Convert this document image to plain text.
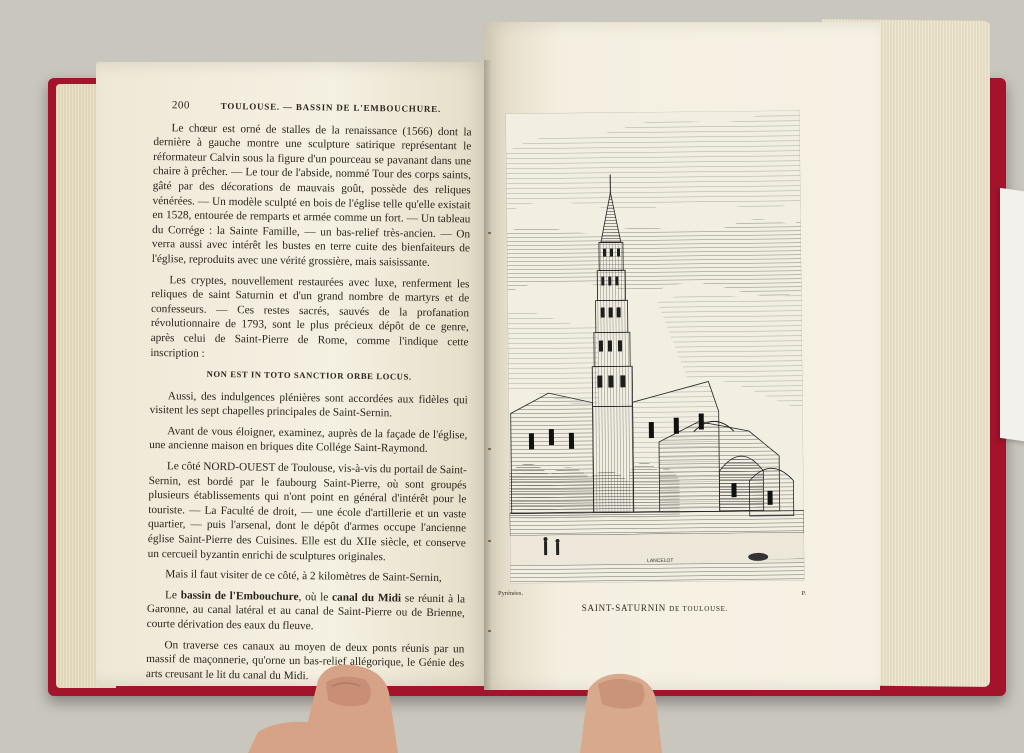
200	TOULOUSE. — BASSIN DE L'EMBOUCHURE.

Le chœur est orné de stalles de la renaissance (1566) dont la dernière à gauche montre une sculpture satirique représentant le réformateur Calvin sous la figure d'un pourceau se pavanant dans une chaire à prêcher. — Le tour de l'abside, nommé Tour des corps saints, gâté par des décorations de mauvais goût, possède des reliques vénérées. — Un modèle sculpté en bois de l'église telle qu'elle existait en 1528, entourée de remparts et armée comme un fort. — Un tableau du Corrége : la Sainte Famille, — un bas-relief très-ancien. — On verra aussi avec intérêt les bustes en terre cuite des bienfaiteurs de l'église, reproduits avec une vérité grossière, mais saisissante.

Les cryptes, nouvellement restaurées avec luxe, renferment les reliques de saint Saturnin et d'un grand nombre de martyrs et de confesseurs. — Ces restes sacrés, sauvés de la profanation révolutionnaire de 1793, sont le plus précieux dépôt de ce genre, après celui de Saint-Pierre de Rome, comme l'indique cette inscription :

NON EST IN TOTO SANCTIOR ORBE LOCUS.

Aussi, des indulgences plénières sont accordées aux fidèles qui visitent les sept chapelles principales de Saint-Sernin.

Avant de vous éloigner, examinez, auprès de la façade de l'église, une ancienne maison en briques dite Collége Saint-Raymond.

Le côté NORD-OUEST de Toulouse, vis-à-vis du portail de Saint-Sernin, est bordé par le faubourg Saint-Pierre, où sont groupés plusieurs établissements qui n'ont point en général d'intérêt pour le touriste. — La Faculté de droit, — une école d'artillerie et un vaste quartier, — puis l'arsenal, dont le dépôt d'armes occupe l'ancienne église Saint-Pierre des Cuisines. Elle est du XIIe siècle, et conserve un cercueil byzantin enrichi de sculptures originales.

Mais il faut visiter de ce côté, à 2 kilomètres de Saint-Sernin,

Le bassin de l'Embouchure, où le canal du Midi se réunit à la Garonne, au canal latéral et au canal de Saint-Pierre ou de Brienne, courte dérivation des eaux du fleuve.

On traverse ces canaux au moyen de deux ponts réunis par un massif de maçonnerie, qu'orne un bas-relief allégorique, le Génie des arts creusant le lit du canal du Midi.

LANCELOT
Pyrénées.	P.
SAINT-SATURNIN DE TOULOUSE.
